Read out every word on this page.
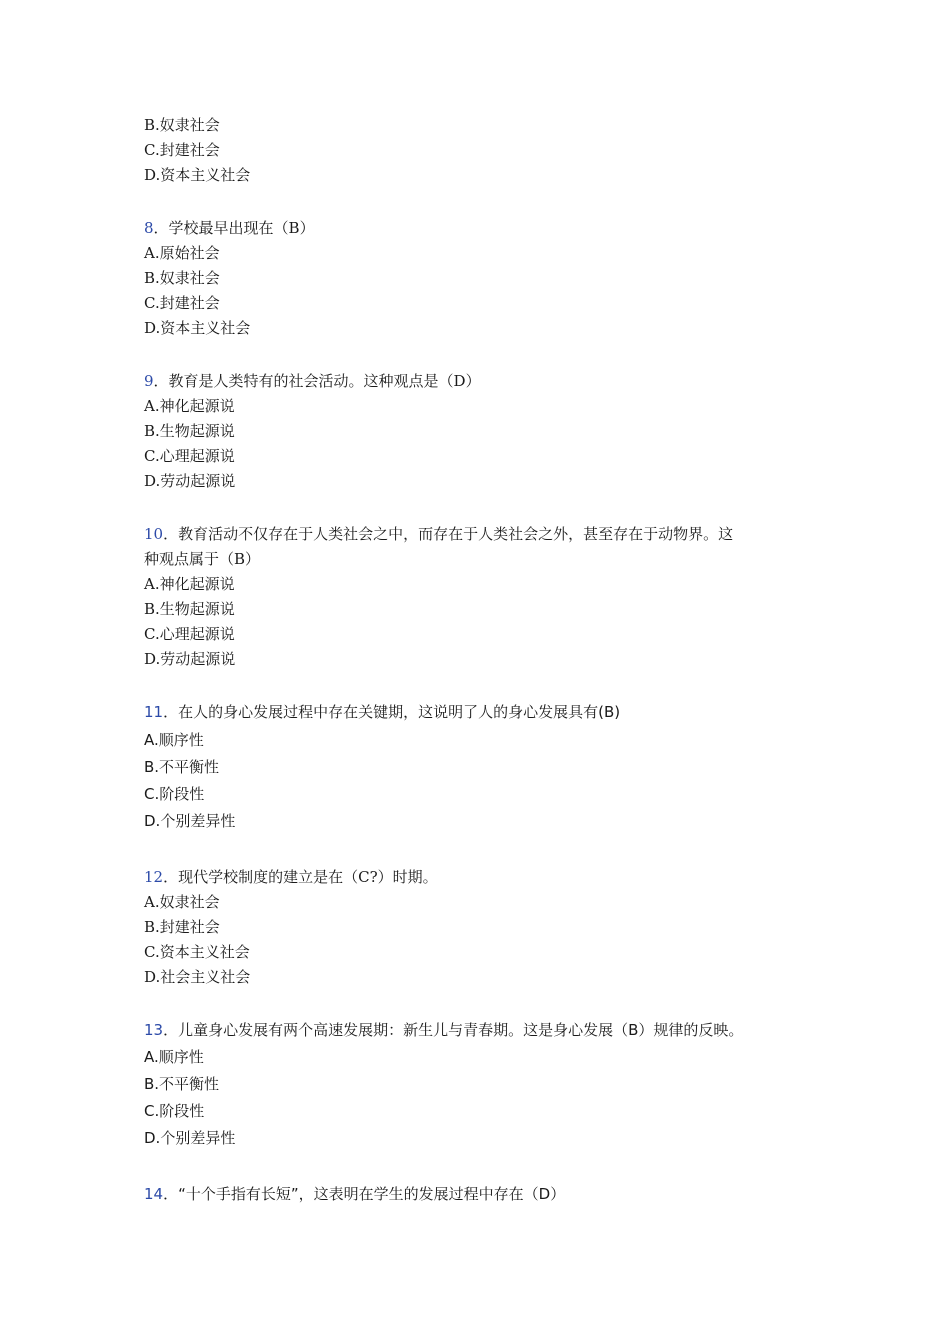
B.奴隶社会
C.封建社会
D.资本主义社会
8．学校最早出现在（B）
A.原始社会
B.奴隶社会
C.封建社会
D.资本主义社会
9．教育是人类特有的社会活动。这种观点是（D）
A.神化起源说
B.生物起源说
C.心理起源说
D.劳动起源说
10．教育活动不仅存在于人类社会之中，而存在于人类社会之外，甚至存在于动物界。这
种观点属于（B）
A.神化起源说
B.生物起源说
C.心理起源说
D.劳动起源说
11．在人的身心发展过程中存在关键期，这说明了人的身心发展具有(B)
A.顺序性
B.不平衡性
C.阶段性
D.个别差异性
12．现代学校制度的建立是在（C?）时期。
A.奴隶社会
B.封建社会
C.资本主义社会
D.社会主义社会
13．儿童身心发展有两个高速发展期：新生儿与青春期。这是身心发展（B）规律的反映。
A.顺序性
B.不平衡性
C.阶段性
D.个别差异性
14．“十个手指有长短”，这表明在学生的发展过程中存在（D）
